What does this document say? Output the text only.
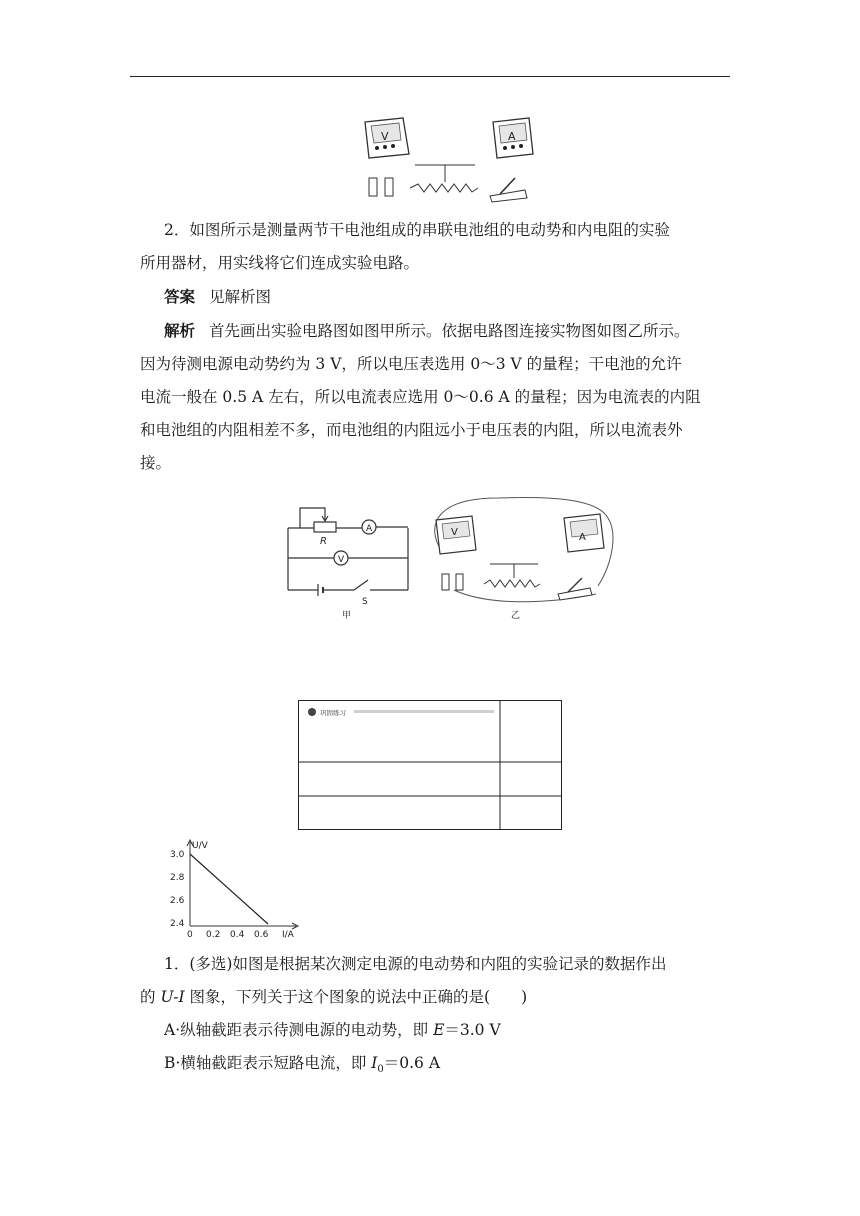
V	A

2．如图所示是测量两节干电池组成的串联电池组的电动势和内电阻的实验

所用器材，用实线将它们连成实验电路。

答案 见解析图

解析 首先画出实验电路图如图甲所示。依据电路图连接实物图如图乙所示。

因为待测电源电动势约为 3 V，所以电压表选用 0～3 V 的量程；干电池的允许

电流一般在 0.5 A 左右，所以电流表应选用 0～0.6 A 的量程；因为电流表的内阻

和电池组的内阻相差不多，而电池组的内阻远小于电压表的内阻，所以电流表外

接。

A
R
V
S
甲
V	A
乙
巩固练习
U/V
I/A
3.0
2.8
2.6
2.4
0 0.2 0.4 0.6

1．(多选)如图是根据某次测定电源的电动势和内阻的实验记录的数据作出

的 U-I 图象，下列关于这个图象的说法中正确的是(　　)

A·纵轴截距表示待测电源的电动势，即 E＝3.0 V

B·横轴截距表示短路电流，即 $I_0=0.6$ A
